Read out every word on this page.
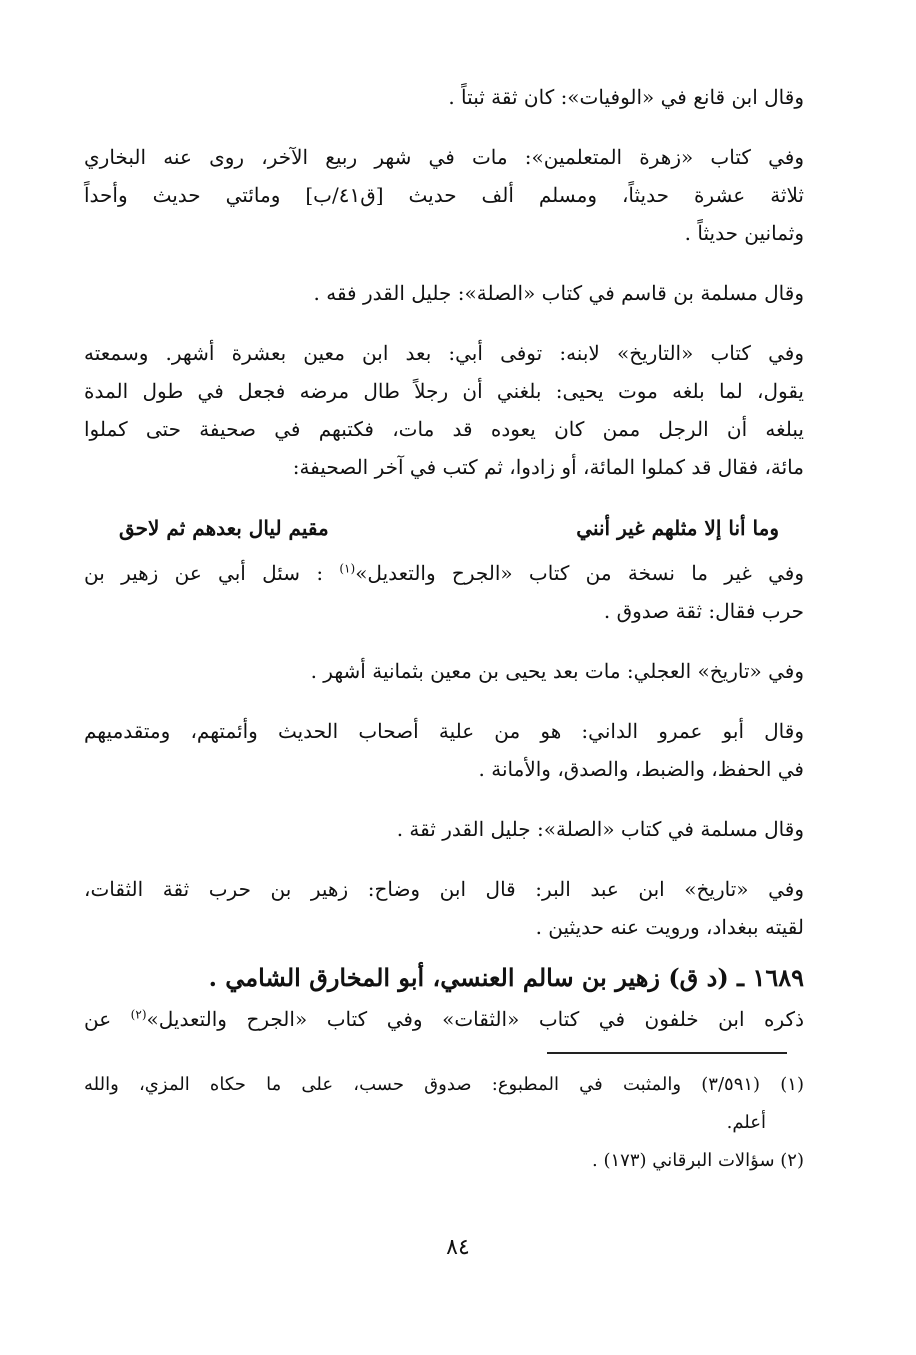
وقال ابن قانع في «الوفيات»: كان ثقة ثبتاً .

وفي كتاب «زهرة المتعلمين»: مات في شهر ربيع الآخر، روى عنه البخاري
ثلاثة عشرة حديثاً، ومسلم ألف حديث [ق٤١/ب] ومائتي حديث وأحداً
وثمانين حديثاً .

وقال مسلمة بن قاسم في كتاب «الصلة»: جليل القدر فقه .

وفي كتاب «التاريخ» لابنه: توفى أبي: بعد ابن معين بعشرة أشهر. وسمعته
يقول، لما بلغه موت يحيى: بلغني أن رجلاً طال مرضه فجعل في طول المدة
يبلغه أن الرجل ممن كان يعوده قد مات، فكتبهم في صحيفة حتى كملوا
مائة، فقال قد كملوا المائة، أو زادوا، ثم كتب في آخر الصحيفة:

وما أنا إلا مثلهم غير أنني
مقيم ليال بعدهم ثم لاحق

وفي غير ما نسخة من كتاب «الجرح والتعديل»$^{(١)}$ : سئل أبي عن زهير بن
حرب فقال: ثقة صدوق .

وفي «تاريخ» العجلي: مات بعد يحيى بن معين بثمانية أشهر .

وقال أبو عمرو الداني: هو من علية أصحاب الحديث وأئمتهم، ومتقدميهم
في الحفظ، والضبط، والصدق، والأمانة .

وقال مسلمة في كتاب «الصلة»: جليل القدر ثقة .

وفي «تاريخ» ابن عبد البر: قال ابن وضاح: زهير بن حرب ثقة الثقات،
لقيته ببغداد، ورويت عنه حديثين .

١٦٨٩ ـ (د ق) زهير بن سالم العنسي، أبو المخارق الشامي .

ذكره ابن خلفون في كتاب «الثقات» وفي كتاب «الجرح والتعديل»$^{(٢)}$ عن

(١) (٣/٥٩١) والمثبت في المطبوع: صدوق حسب، على ما حكاه المزي، والله
أعلم.
(٢) سؤالات البرقاني (١٧٣) .
٨٤
